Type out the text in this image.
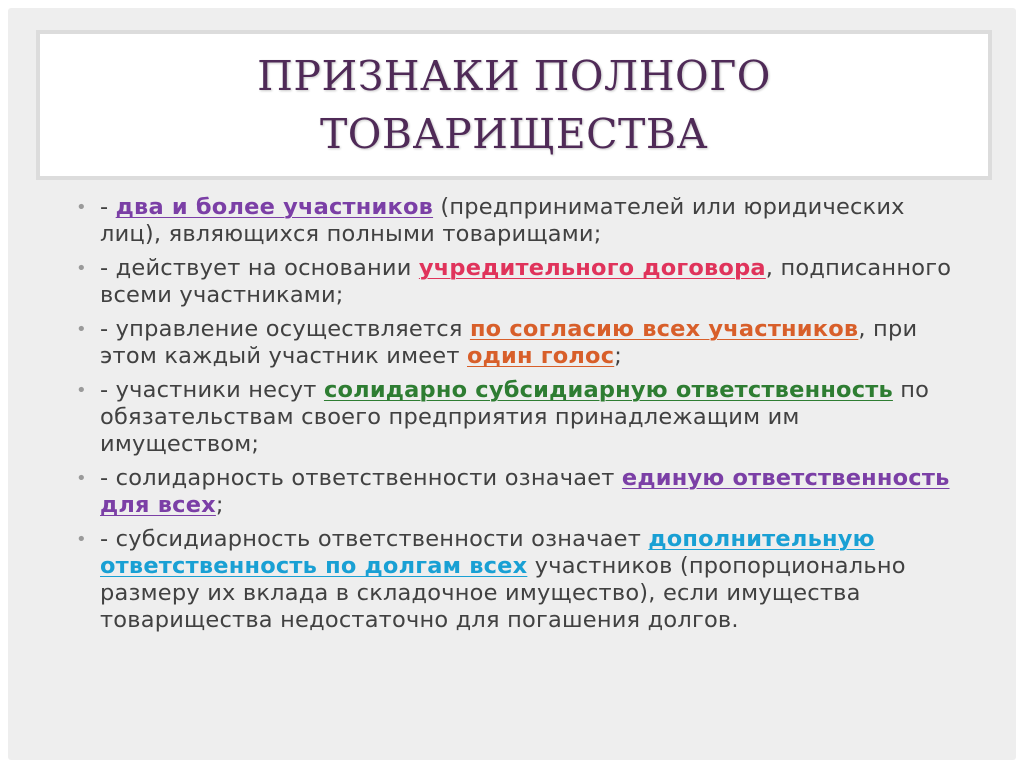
ПРИЗНАКИ ПОЛНОГО
ТОВАРИЩЕСТВА
• - два и более участников (предпринимателей или юридических лиц), являющихся полными товарищами;
• - действует на основании учредительного договора, подписанного всеми участниками;
• - управление осуществляется по согласию всех участников, при этом каждый участник имеет один голос;
• - участники несут солидарно субсидиарную ответственность по обязательствам своего предприятия принадлежащим им имуществом;
• - солидарность ответственности означает единую ответственность для всех;
• - субсидиарность ответственности означает дополнительную ответственность по долгам всех участников (пропорционально размеру их вклада в складочное имущество), если имущества товарищества недостаточно для погашения долгов.
